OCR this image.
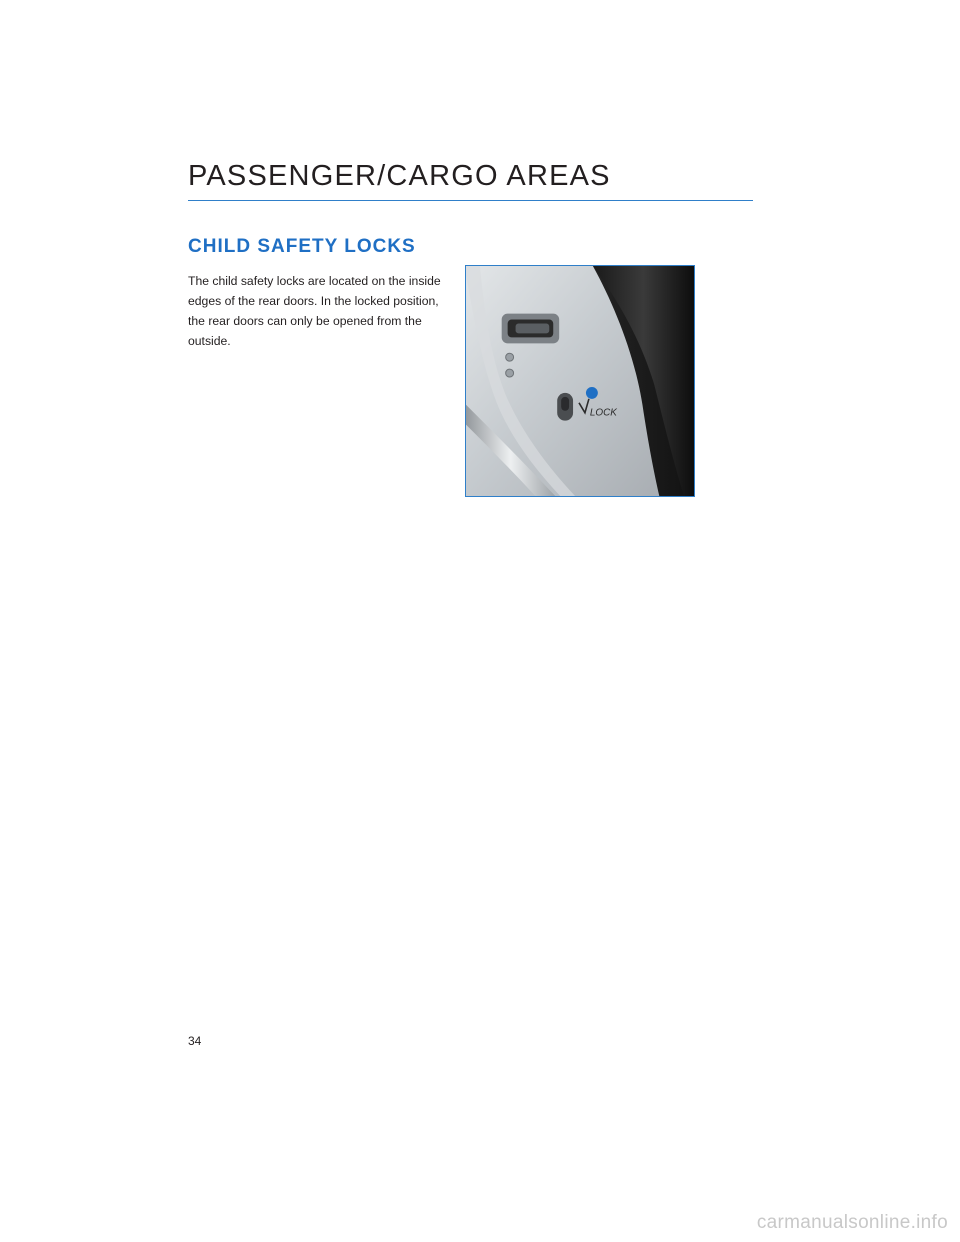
PASSENGER/CARGO AREAS
CHILD SAFETY LOCKS
The child safety locks are located on the inside edges of the rear doors. In the locked position, the rear doors can only be opened from the outside.
LOCK
34
carmanualsonline.info
